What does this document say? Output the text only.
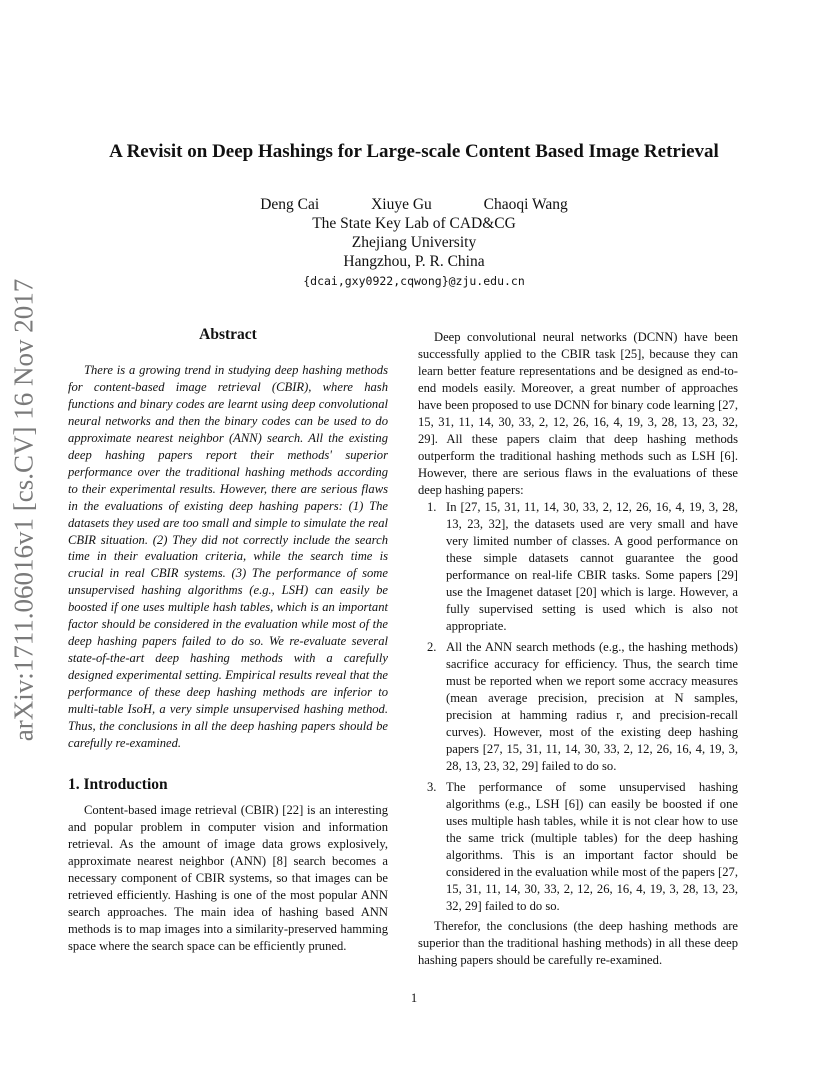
arXiv:1711.06016v1 [cs.CV] 16 Nov 2017
A Revisit on Deep Hashings for Large-scale Content Based Image Retrieval
Deng Cai	Xiuye Gu	Chaoqi Wang
The State Key Lab of CAD&CG
Zhejiang University
Hangzhou, P. R. China
{dcai,gxy0922,cqwong}@zju.edu.cn
Abstract

There is a growing trend in studying deep hashing methods for content-based image retrieval (CBIR), where hash functions and binary codes are learnt using deep convolutional neural networks and then the binary codes can be used to do approximate nearest neighbor (ANN) search. All the existing deep hashing papers report their methods' superior performance over the traditional hashing methods according to their experimental results. However, there are serious flaws in the evaluations of existing deep hashing papers: (1) The datasets they used are too small and simple to simulate the real CBIR situation. (2) They did not correctly include the search time in their evaluation criteria, while the search time is crucial in real CBIR systems. (3) The performance of some unsupervised hashing algorithms (e.g., LSH) can easily be boosted if one uses multiple hash tables, which is an important factor should be considered in the evaluation while most of the deep hashing papers failed to do so. We re-evaluate several state-of-the-art deep hashing methods with a carefully designed experimental setting. Empirical results reveal that the performance of these deep hashing methods are inferior to multi-table IsoH, a very simple unsupervised hashing method. Thus, the conclusions in all the deep hashing papers should be carefully re-examined.

1. Introduction

Content-based image retrieval (CBIR) [22] is an interesting and popular problem in computer vision and information retrieval. As the amount of image data grows explosively, approximate nearest neighbor (ANN) [8] search becomes a necessary component of CBIR systems, so that images can be retrieved efficiently. Hashing is one of the most popular ANN search approaches. The main idea of hashing based ANN methods is to map images into a similarity-preserved hamming space where the search space can be efficiently pruned.

Deep convolutional neural networks (DCNN) have been successfully applied to the CBIR task [25], because they can learn better feature representations and be designed as end-to-end models easily. Moreover, a great number of approaches have been proposed to use DCNN for binary code learning [27, 15, 31, 11, 14, 30, 33, 2, 12, 26, 16, 4, 19, 3, 28, 13, 23, 32, 29]. All these papers claim that deep hashing methods outperform the traditional hashing methods such as LSH [6]. However, there are serious flaws in the evaluations of these deep hashing papers:

1. In [27, 15, 31, 11, 14, 30, 33, 2, 12, 26, 16, 4, 19, 3, 28, 13, 23, 32], the datasets used are very small and have very limited number of classes. A good performance on these simple datasets cannot guarantee the good performance on real-life CBIR tasks. Some papers [29] use the Imagenet dataset [20] which is large. However, a fully supervised setting is used which is also not appropriate.
2. All the ANN search methods (e.g., the hashing methods) sacrifice accuracy for efficiency. Thus, the search time must be reported when we report some accracy measures (mean average precision, precision at N samples, precision at hamming radius r, and precision-recall curves). However, most of the existing deep hashing papers [27, 15, 31, 11, 14, 30, 33, 2, 12, 26, 16, 4, 19, 3, 28, 13, 23, 32, 29] failed to do so.
3. The performance of some unsupervised hashing algorithms (e.g., LSH [6]) can easily be boosted if one uses multiple hash tables, while it is not clear how to use the same trick (multiple tables) for the deep hashing algorithms. This is an important factor should be considered in the evaluation while most of the papers [27, 15, 31, 11, 14, 30, 33, 2, 12, 26, 16, 4, 19, 3, 28, 13, 23, 32, 29] failed to do so.

Therefor, the conclusions (the deep hashing methods are superior than the traditional hashing methods) in all these deep hashing papers should be carefully re-examined.

1
